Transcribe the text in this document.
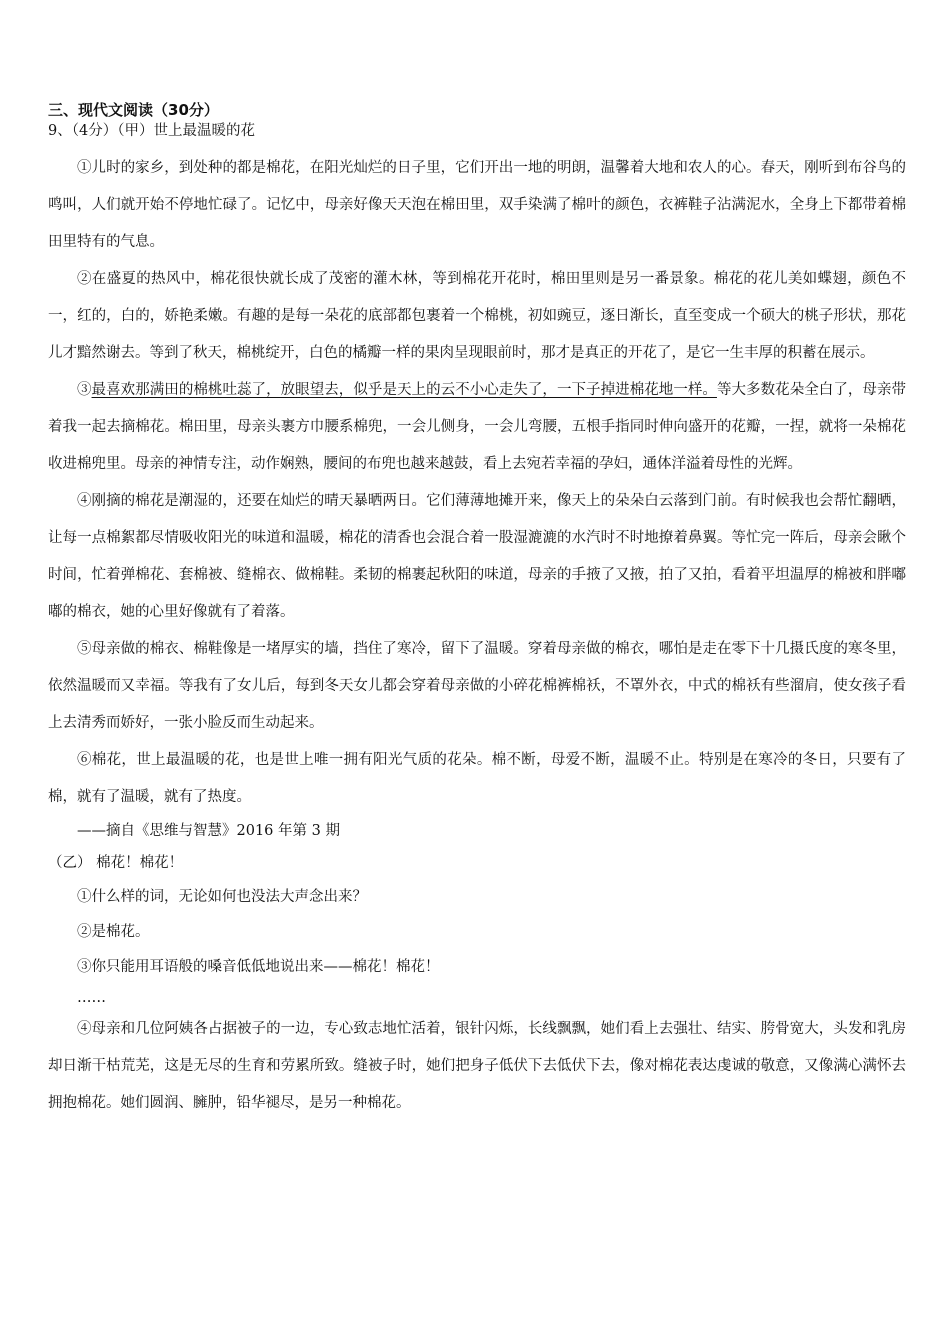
三、现代文阅读（30分）

9、（4分）（甲）世上最温暖的花

①儿时的家乡，到处种的都是棉花，在阳光灿烂的日子里，它们开出一地的明朗，温馨着大地和农人的心。春天，刚听到布谷鸟的鸣叫，人们就开始不停地忙碌了。记忆中，母亲好像天天泡在棉田里，双手染满了棉叶的颜色，衣裤鞋子沾满泥水，全身上下都带着棉田里特有的气息。

②在盛夏的热风中，棉花很快就长成了茂密的灌木林，等到棉花开花时，棉田里则是另一番景象。棉花的花儿美如蝶翅，颜色不一，红的，白的，娇艳柔嫩。有趣的是每一朵花的底部都包裹着一个棉桃，初如豌豆，逐日渐长，直至变成一个硕大的桃子形状，那花儿才黯然谢去。等到了秋天，棉桃绽开，白色的橘瓣一样的果肉呈现眼前时，那才是真正的开花了，是它一生丰厚的积蓄在展示。

③最喜欢那满田的棉桃吐蕊了，放眼望去，似乎是天上的云不小心走失了，一下子掉进棉花地一样。等大多数花朵全白了，母亲带着我一起去摘棉花。棉田里，母亲头裹方巾腰系棉兜，一会儿侧身，一会儿弯腰，五根手指同时伸向盛开的花瓣，一捏，就将一朵棉花收进棉兜里。母亲的神情专注，动作娴熟，腰间的布兜也越来越鼓，看上去宛若幸福的孕妇，通体洋溢着母性的光辉。

④刚摘的棉花是潮湿的，还要在灿烂的晴天暴晒两日。它们薄薄地摊开来，像天上的朵朵白云落到门前。有时候我也会帮忙翻晒，让每一点棉絮都尽情吸收阳光的味道和温暖，棉花的清香也会混合着一股湿漉漉的水汽时不时地撩着鼻翼。等忙完一阵后，母亲会瞅个时间，忙着弹棉花、套棉被、缝棉衣、做棉鞋。柔韧的棉裹起秋阳的味道，母亲的手掖了又掖，拍了又拍，看着平坦温厚的棉被和胖嘟嘟的棉衣，她的心里好像就有了着落。

⑤母亲做的棉衣、棉鞋像是一堵厚实的墙，挡住了寒冷，留下了温暖。穿着母亲做的棉衣，哪怕是走在零下十几摄氏度的寒冬里，依然温暖而又幸福。等我有了女儿后，每到冬天女儿都会穿着母亲做的小碎花棉裤棉袄，不罩外衣，中式的棉袄有些溜肩，使女孩子看上去清秀而娇好，一张小脸反而生动起来。

⑥棉花，世上最温暖的花，也是世上唯一拥有阳光气质的花朵。棉不断，母爱不断，温暖不止。特别是在寒冷的冬日，只要有了棉，就有了温暖，就有了热度。

——摘自《思维与智慧》2016 年第 3 期

（乙） 棉花！棉花！

①什么样的词，无论如何也没法大声念出来？

②是棉花。

③你只能用耳语般的嗓音低低地说出来——棉花！棉花！

……

④母亲和几位阿姨各占据被子的一边，专心致志地忙活着，银针闪烁，长线飘飘，她们看上去强壮、结实、胯骨宽大，头发和乳房却日渐干枯荒芜，这是无尽的生育和劳累所致。缝被子时，她们把身子低伏下去低伏下去，像对棉花表达虔诚的敬意，又像满心满怀去拥抱棉花。她们圆润、臃肿，铅华褪尽，是另一种棉花。
